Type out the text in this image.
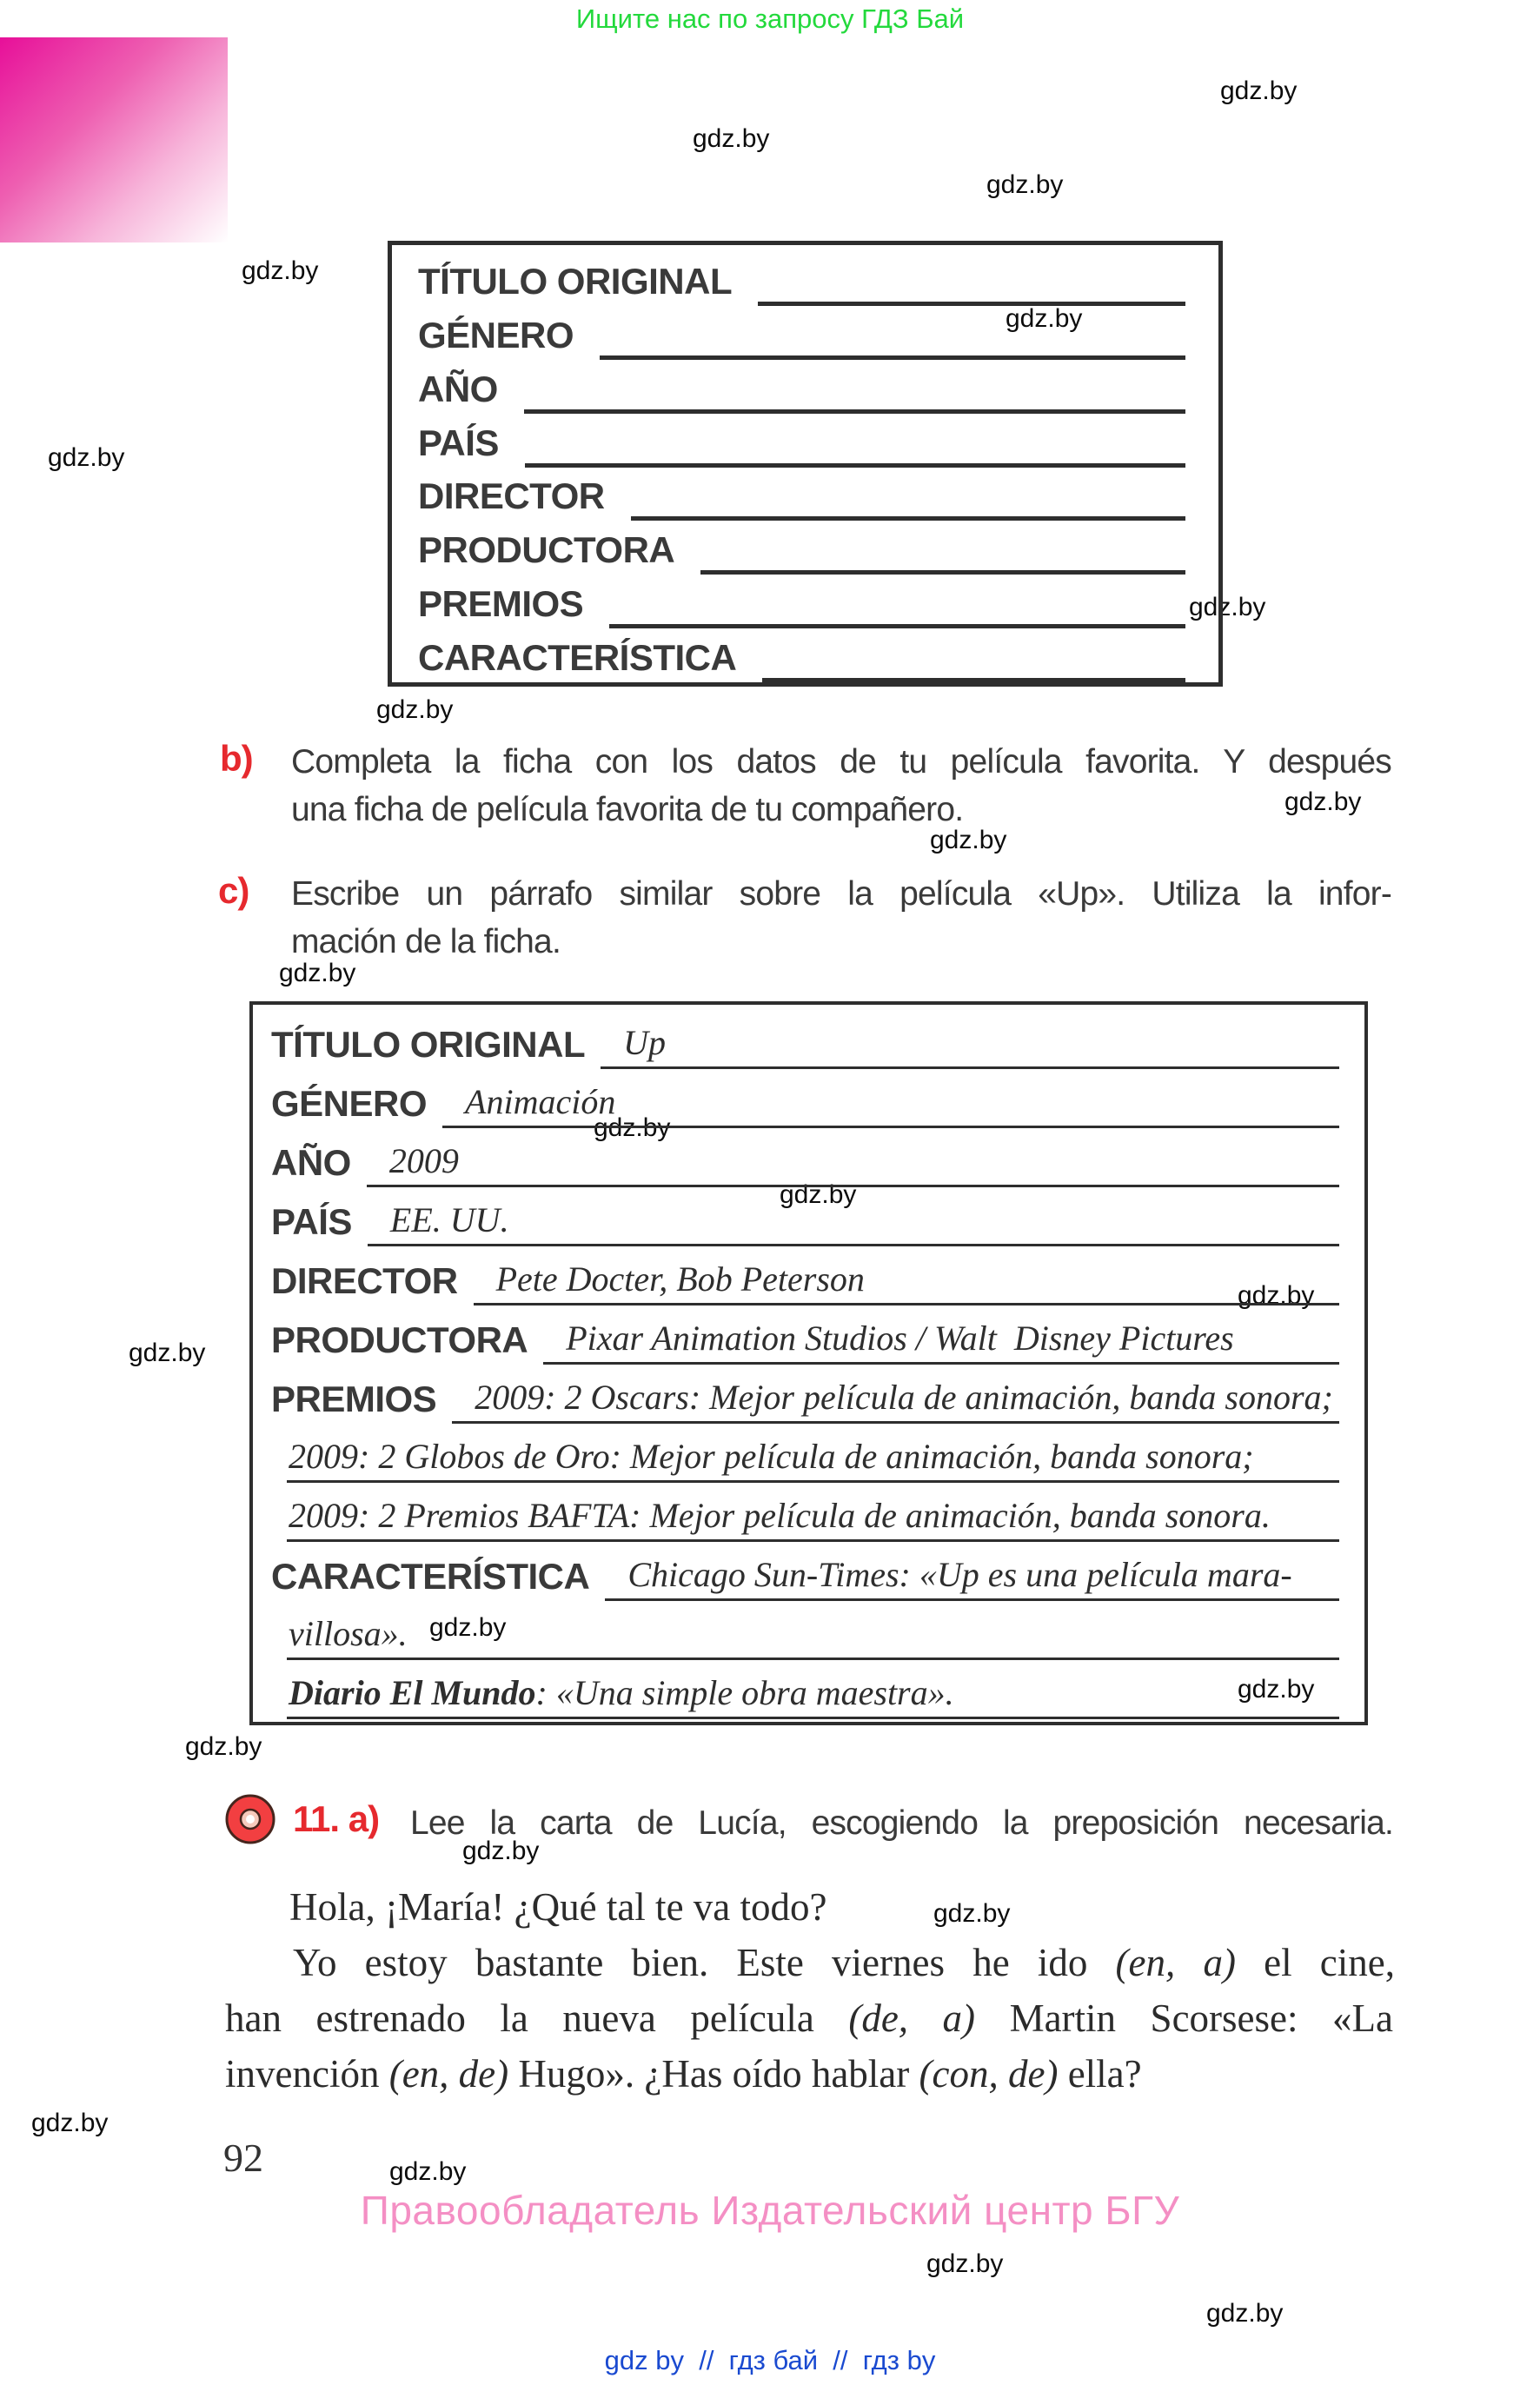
Ищите нас по запросу ГДЗ Бай
gdz.by
gdz.by
gdz.by
gdz.by
gdz.by
gdz.by
gdz.by
gdz.by
gdz.by
gdz.by
gdz.by
gdz.by
gdz.by
gdz.by
gdz.by
gdz.by
gdz.by
gdz.by
gdz.by
gdz.by
gdz.by
gdz.by
gdz.by
gdz.by
TÍTULO ORIGINAL
GÉNERO
AÑO
PAÍS
DIRECTOR
PRODUCTORA
PREMIOS
CARACTERÍSTICA
b) Completa la ficha con los datos de tu película favorita. Y después
una ficha de película favorita de tu compañero.
c) Escribe un párrafo similar sobre la película «Up». Utiliza la infor-
mación de la ficha.
TÍTULO ORIGINAL	Up
GÉNERO	Animación
AÑO	2009
PAÍS	EE. UU.
DIRECTOR	Pete Docter, Bob Peterson
PRODUCTORA	Pixar Animation Studios / Walt  Disney Pictures
PREMIOS	2009: 2 Oscars: Mejor película de animación, banda sonora;
2009: 2 Globos de Oro: Mejor película de animación, banda sonora;
2009: 2 Premios BAFTA: Mejor película de animación, banda sonora.
CARACTERÍSTICA	Chicago Sun-Times: «Up es una película mara-
villosa».
Diario El Mundo: «Una simple obra maestra».
11. a) Lee la carta de Lucía, escogiendo la preposición necesaria.
Hola, ¡María! ¿Qué tal te va todo?
Yo estoy bastante bien. Este viernes he ido (en, a) el cine,
han estrenado la nueva película (de, a) Martin Scorsese: «La
invención (en, de) Hugo». ¿Has oído hablar (con, de) ella?
92
Правообладатель Издательский центр БГУ
gdz by  //  гдз бай  //  гдз by
